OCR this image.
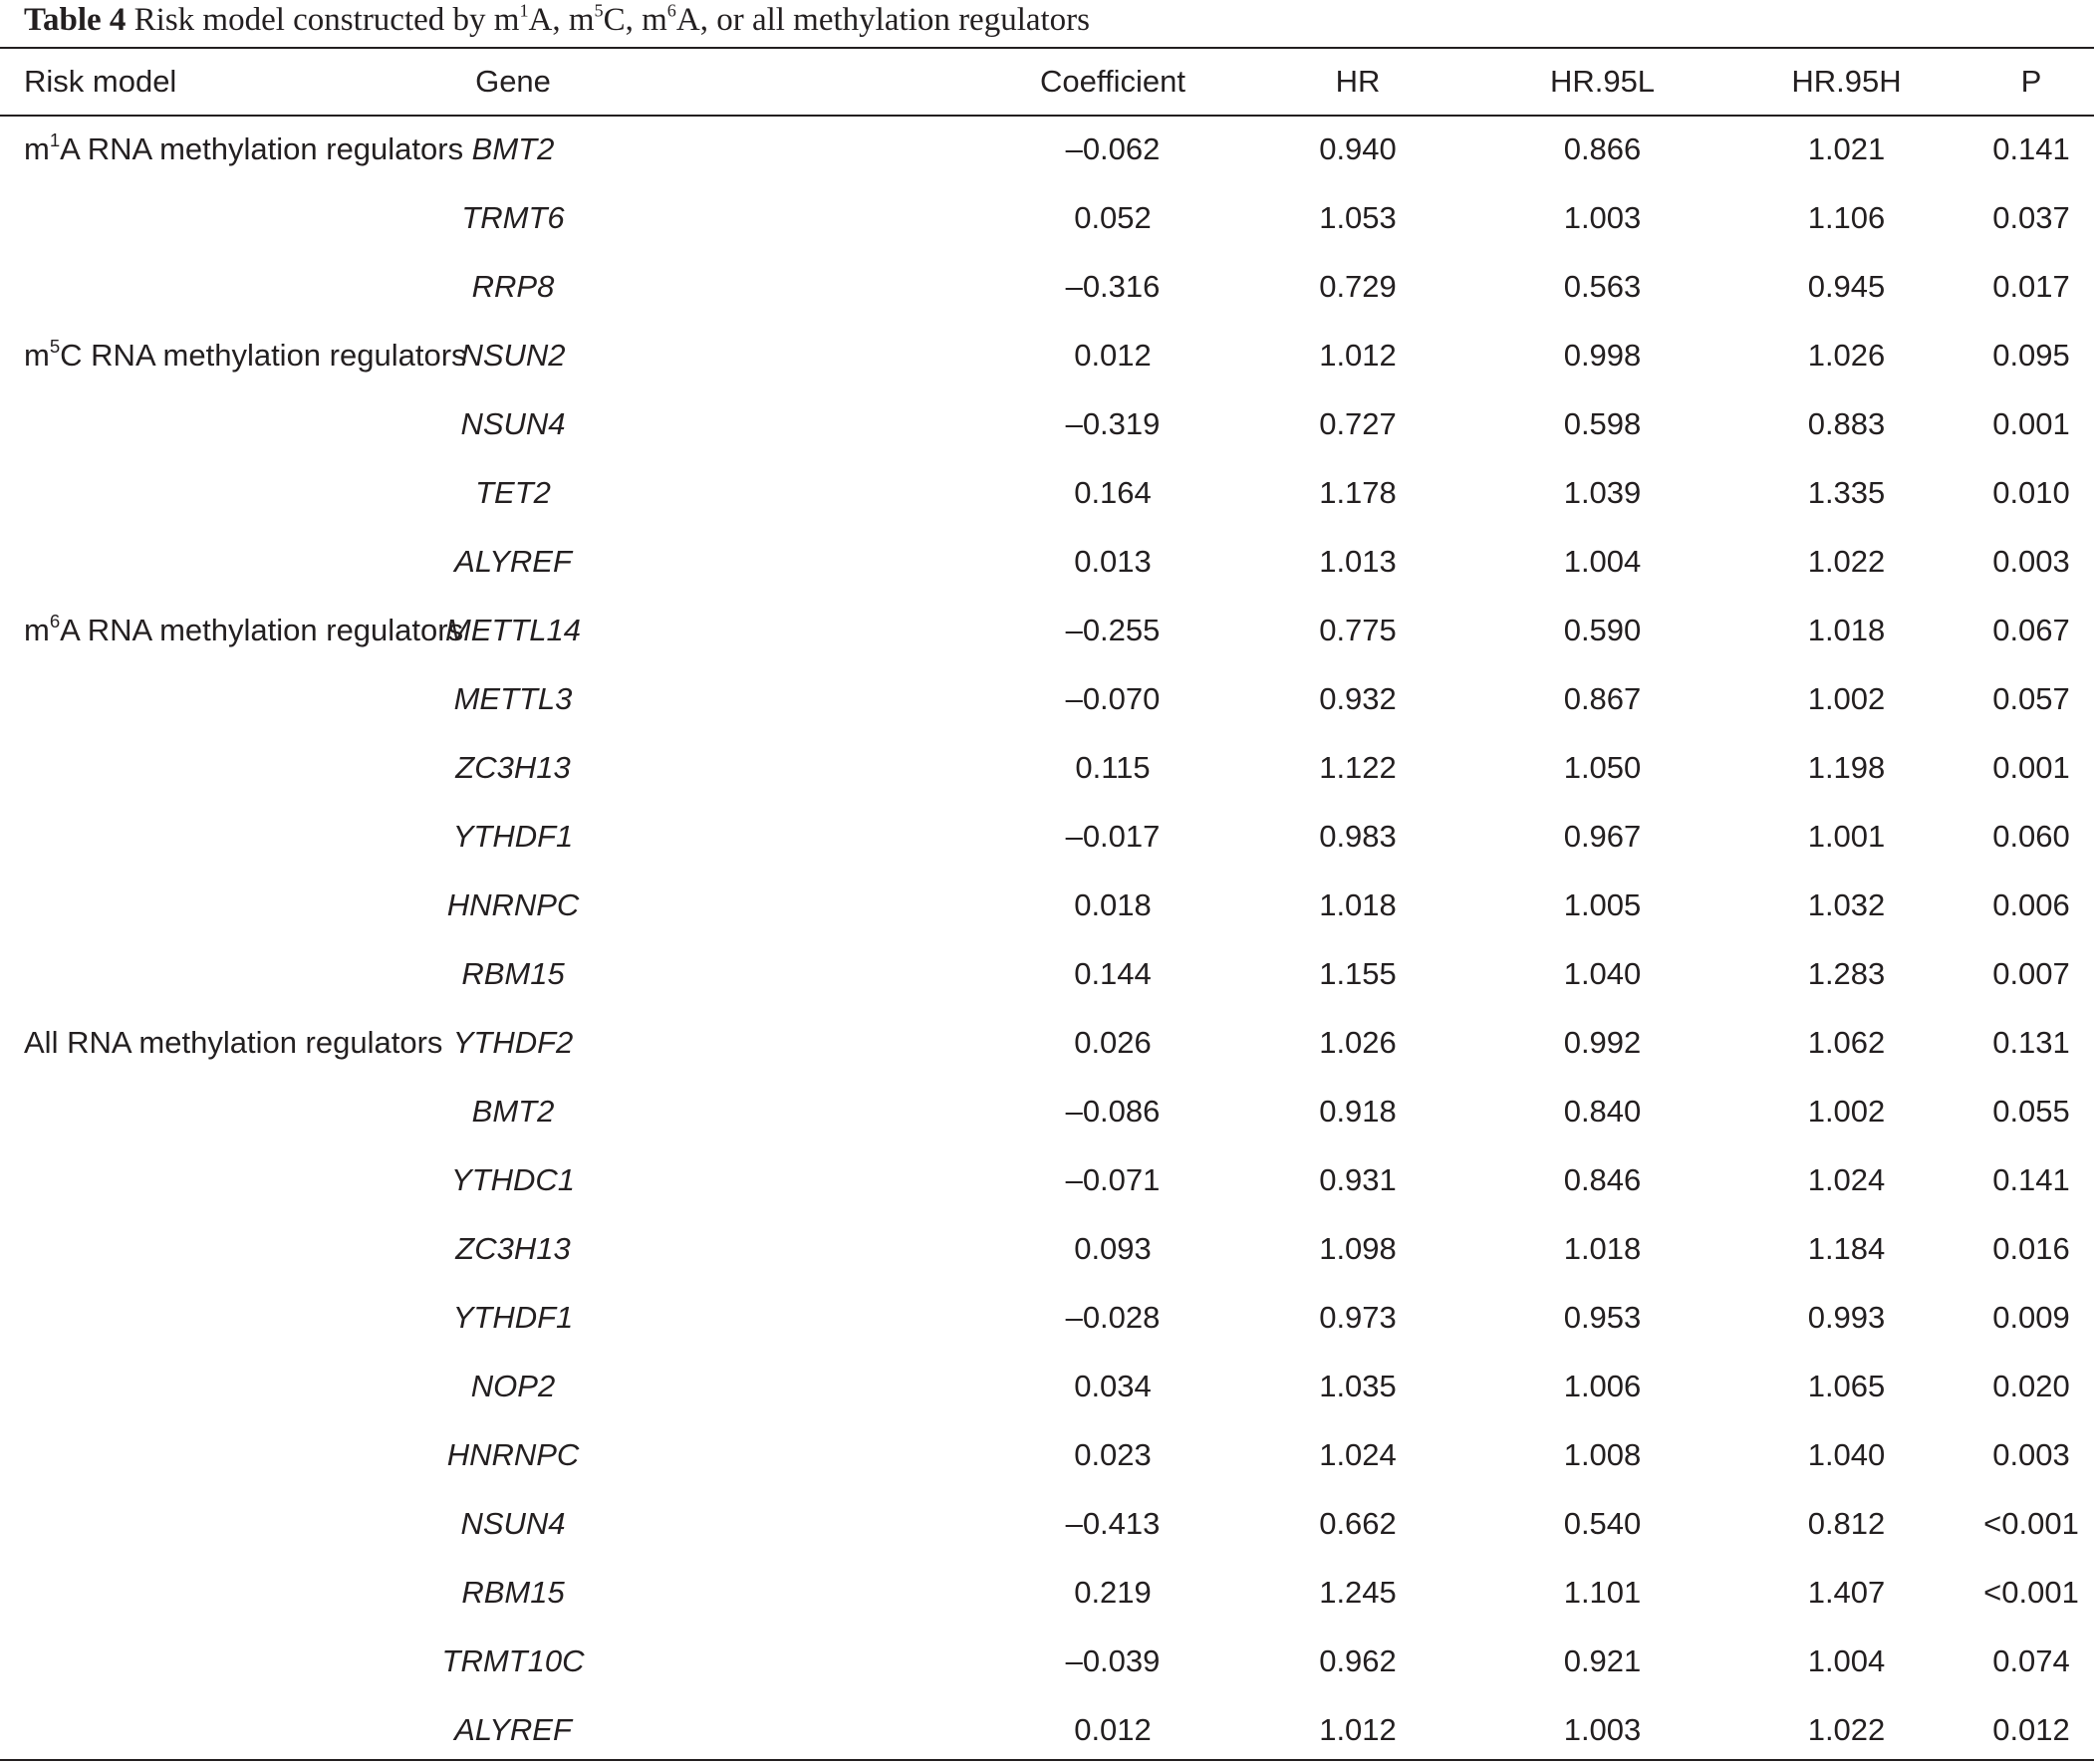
Table 4 Risk model constructed by $m^1A$, $m^5C$, $m^6A$, or all methylation regulators
Risk model	Gene	Coefficient	HR	HR.95L	HR.95H	P
$m^1A$ RNA methylation regulators	BMT2	–0.062	0.940	0.866	1.021	0.141

	TRMT6	0.052	1.053	1.003	1.106	0.037

	RRP8	–0.316	0.729	0.563	0.945	0.017
$m^5C$ RNA methylation regulators	NSUN2	0.012	1.012	0.998	1.026	0.095

	NSUN4	–0.319	0.727	0.598	0.883	0.001

	TET2	0.164	1.178	1.039	1.335	0.010

	ALYREF	0.013	1.013	1.004	1.022	0.003
$m^6A$ RNA methylation regulators	METTL14	–0.255	0.775	0.590	1.018	0.067

	METTL3	–0.070	0.932	0.867	1.002	0.057

	ZC3H13	0.115	1.122	1.050	1.198	0.001

	YTHDF1	–0.017	0.983	0.967	1.001	0.060

	HNRNPC	0.018	1.018	1.005	1.032	0.006

	RBM15	0.144	1.155	1.040	1.283	0.007
All RNA methylation regulators	YTHDF2	0.026	1.026	0.992	1.062	0.131

	BMT2	–0.086	0.918	0.840	1.002	0.055

	YTHDC1	–0.071	0.931	0.846	1.024	0.141

	ZC3H13	0.093	1.098	1.018	1.184	0.016

	YTHDF1	–0.028	0.973	0.953	0.993	0.009

	NOP2	0.034	1.035	1.006	1.065	0.020

	HNRNPC	0.023	1.024	1.008	1.040	0.003

	NSUN4	–0.413	0.662	0.540	0.812	<0.001

	RBM15	0.219	1.245	1.101	1.407	<0.001

	TRMT10C	–0.039	0.962	0.921	1.004	0.074

	ALYREF	0.012	1.012	1.003	1.022	0.012
